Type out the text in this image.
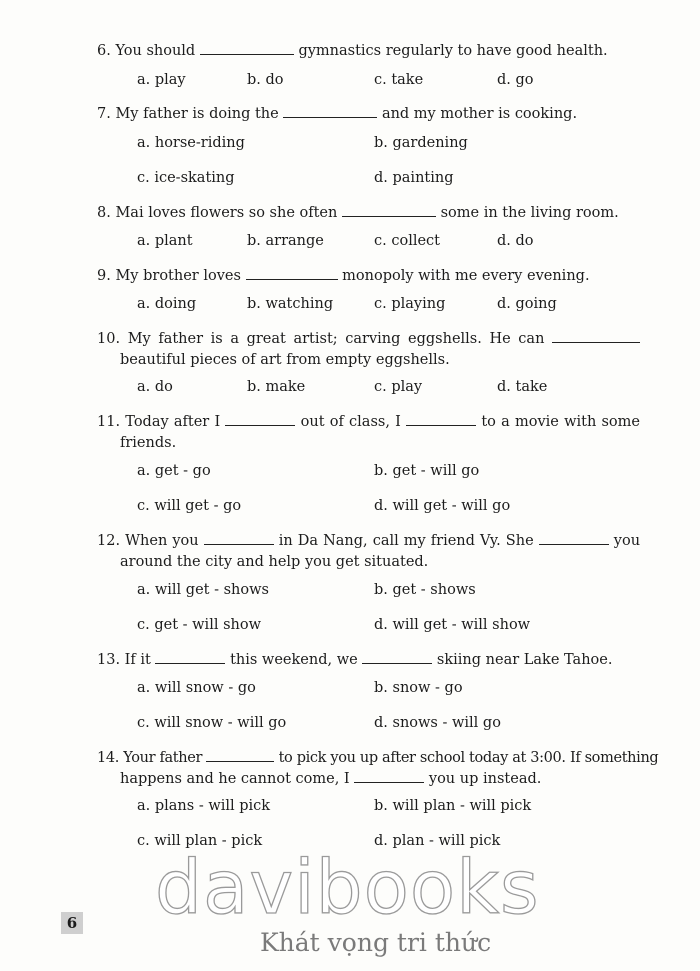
6. You should	gymnastics regularly to have good health.
a. play	b. do	c. take	d. go
7. My father is doing the	and my mother is cooking.
a. horse-riding	b. gardening
c. ice-skating	d. painting
8. Mai loves flowers so she often	some in the living room.
a. plant	b. arrange	c. collect	d. do
9. My brother loves	monopoly with me every evening.
a. doing	b. watching	c. playing	d. going
10. My father is a great artist; carving eggshells. He can
beautiful pieces of art from empty eggshells.
a. do	b. make	c. play	d. take
11. Today after I	out of class, I	to a movie with some
friends.
a. get - go	b. get - will go
c. will get - go	d. will get - will go
12. When you	in Da Nang, call my friend Vy. She	you
around the city and help you get situated.
a. will get - shows	b. get - shows
c. get - will show	d. will get - will show
13. If it	this weekend, we	skiing near Lake Tahoe.
a. will snow - go	b. snow - go
c. will snow - will go	d. snows - will go
14. Your father	to pick you up after school today at 3:00. If something
happens and he cannot come, I	you up instead.
a. plans - will pick	b. will plan - will pick
c. will plan - pick	d. plan - will pick
davibooks
Khát vọng tri thức
6
